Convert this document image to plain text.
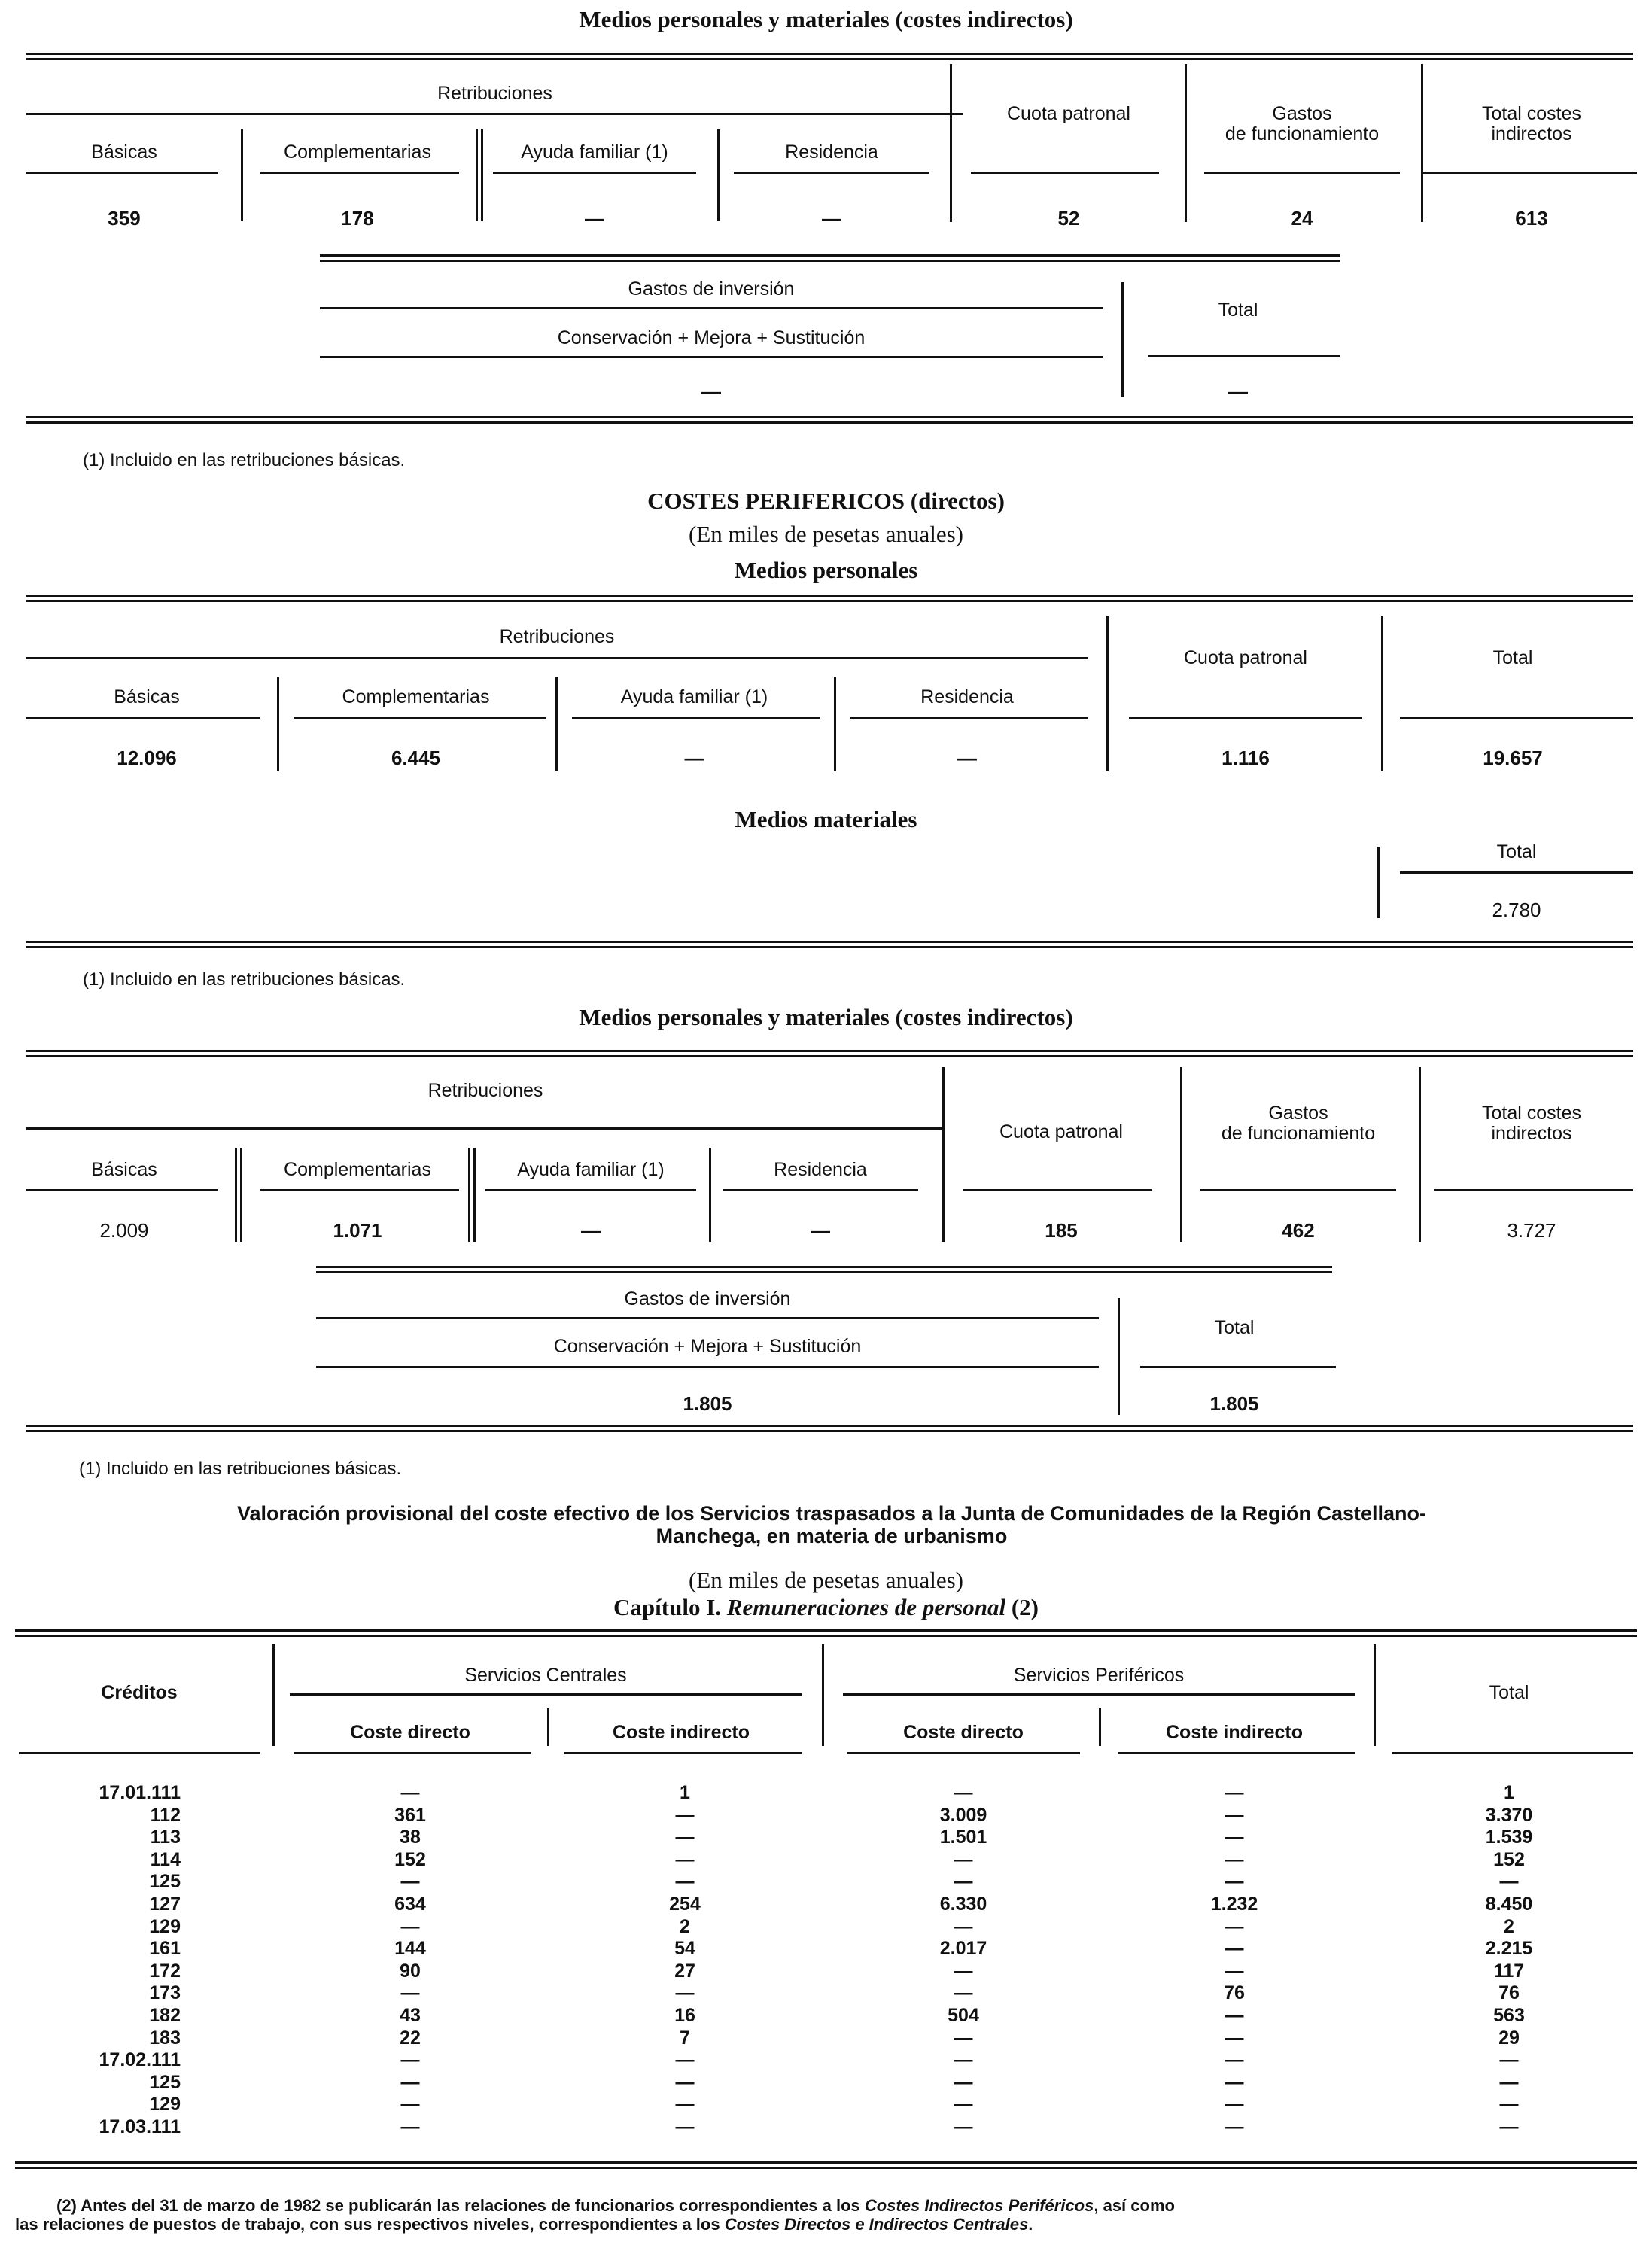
Medios personales y materiales (costes indirectos)
Retribuciones
Básicas	Complementarias	Ayuda familiar (1)	Residencia
Cuota patronal	Gastos
de funcionamiento
Total costes
indirectos
359	178	—	—	52	24	613
Gastos de inversión
Conservación + Mejora + Sustitución
Total
—	—
(1) Incluido en las retribuciones básicas.
COSTES PERIFERICOS (directos)
(En miles de pesetas anuales)
Medios personales
Retribuciones
Básicas	Complementarias	Ayuda familiar (1)	Residencia
Cuota patronal	Total
12.096	6.445	—	—	1.116	19.657
Medios materiales
Total
2.780
(1) Incluido en las retribuciones básicas.
Medios personales y materiales (costes indirectos)
Retribuciones
Básicas	Complementarias	Ayuda familiar (1)	Residencia
Cuota patronal
Gastos
de funcionamiento
Total costes
indirectos
2.009	1.071	—	—	185	462	3.727
Gastos de inversión
Conservación + Mejora + Sustitución
Total
1.805	1.805
(1) Incluido en las retribuciones básicas.
Valoración provisional del coste efectivo de los Servicios traspasados a la Junta de Comunidades de la Región Castellano-
Manchega, en materia de urbanismo
(En miles de pesetas anuales)
Capítulo I. Remuneraciones de personal (2)
Créditos
Servicios Centrales	Servicios Periféricos
Total
Coste directo	Coste indirecto	Coste directo	Coste indirecto
17.01.111	—	1	—	—	1
112	361	—	3.009	—	3.370
113	38	—	1.501	—	1.539
114	152	—	—	—	152
125	—	—	—	—	—
127	634	254	6.330	1.232	8.450
129	—	2	—	—	2
161	144	54	2.017	—	2.215
172	90	27	—	—	117
173	—	—	—	76	76
182	43	16	504	—	563
183	22	7	—	—	29
17.02.111	—	—	—	—	—
125	—	—	—	—	—
129	—	—	—	—	—
17.03.111	—	—	—	—	—
(2) Antes del 31 de marzo de 1982 se publicarán las relaciones de funcionarios correspondientes a los Costes Indirectos Periféricos, así como
las relaciones de puestos de trabajo, con sus respectivos niveles, correspondientes a los Costes Directos e Indirectos Centrales.
